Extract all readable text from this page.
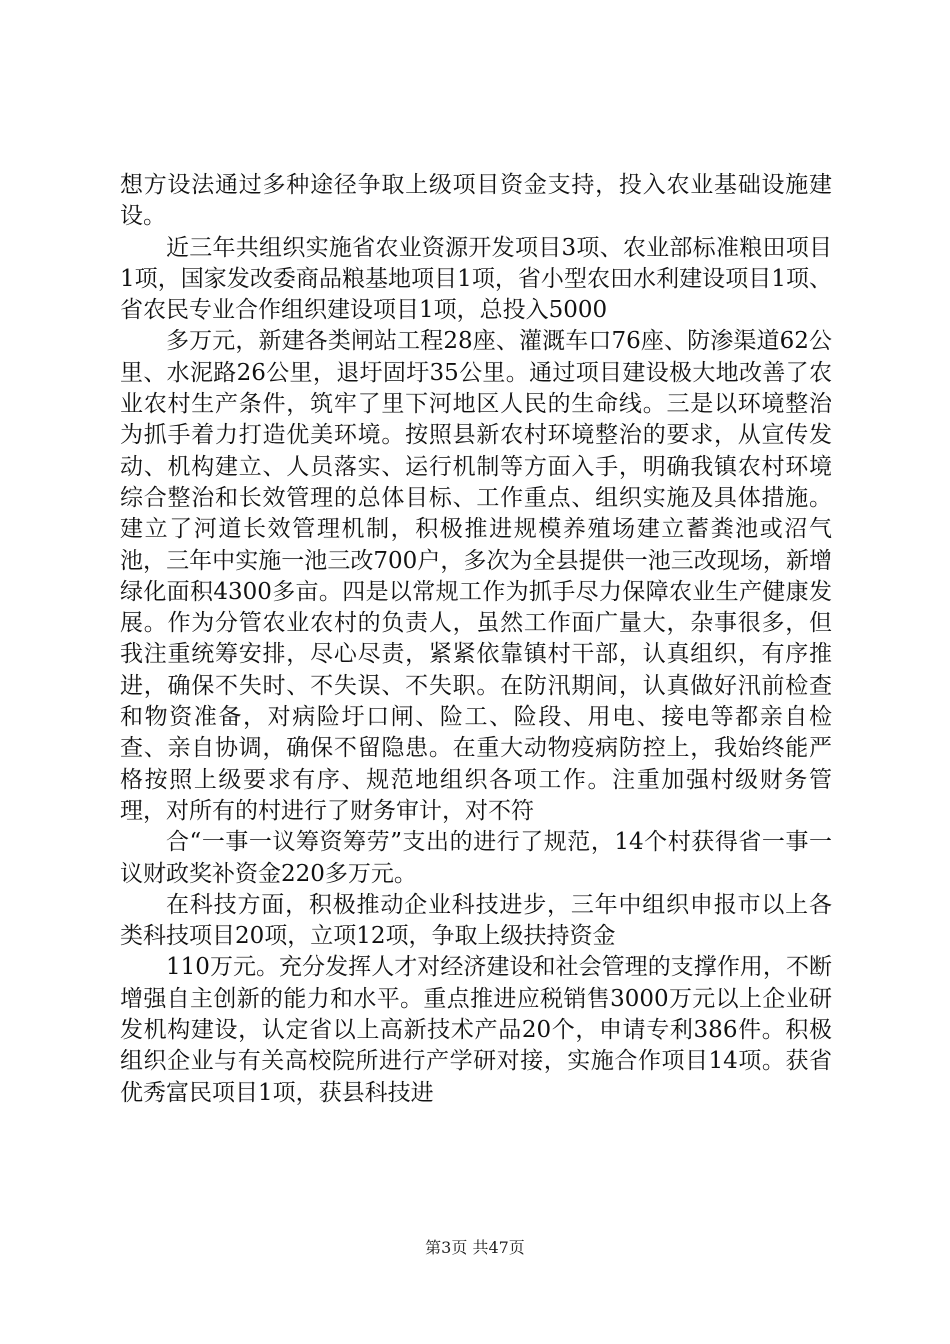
想方设法通过多种途径争取上级项目资金支持，投入农业基础设施建设。

近三年共组织实施省农业资源开发项目3项、农业部标准粮田项目1项，国家发改委商品粮基地项目1项，省小型农田水利建设项目1项、省农民专业合作组织建设项目1项，总投入5000

多万元，新建各类闸站工程28座、灌溉车口76座、防渗渠道62公里、水泥路26公里，退圩固圩35公里。通过项目建设极大地改善了农业农村生产条件，筑牢了里下河地区人民的生命线。三是以环境整治为抓手着力打造优美环境。按照县新农村环境整治的要求，从宣传发动、机构建立、人员落实、运行机制等方面入手，明确我镇农村环境综合整治和长效管理的总体目标、工作重点、组织实施及具体措施。建立了河道长效管理机制，积极推进规模养殖场建立蓄粪池或沼气池，三年中实施一池三改700户，多次为全县提供一池三改现场，新增绿化面积4300多亩。四是以常规工作为抓手尽力保障农业生产健康发展。作为分管农业农村的负责人，虽然工作面广量大，杂事很多，但我注重统筹安排，尽心尽责，紧紧依靠镇村干部，认真组织，有序推进，确保不失时、不失误、不失职。在防汛期间，认真做好汛前检查和物资准备，对病险圩口闸、险工、险段、用电、接电等都亲自检查、亲自协调，确保不留隐患。在重大动物疫病防控上，我始终能严格按照上级要求有序、规范地组织各项工作。注重加强村级财务管理，对所有的村进行了财务审计，对不符

合“一事一议筹资筹劳”支出的进行了规范，14个村获得省一事一议财政奖补资金220多万元。

在科技方面，积极推动企业科技进步，三年中组织申报市以上各类科技项目20项，立项12项，争取上级扶持资金

110万元。充分发挥人才对经济建设和社会管理的支撑作用，不断增强自主创新的能力和水平。重点推进应税销售3000万元以上企业研发机构建设，认定省以上高新技术产品20个，申请专利386件。积极组织企业与有关高校院所进行产学研对接，实施合作项目14项。获省优秀富民项目1项，获县科技进

第3页 共47页
